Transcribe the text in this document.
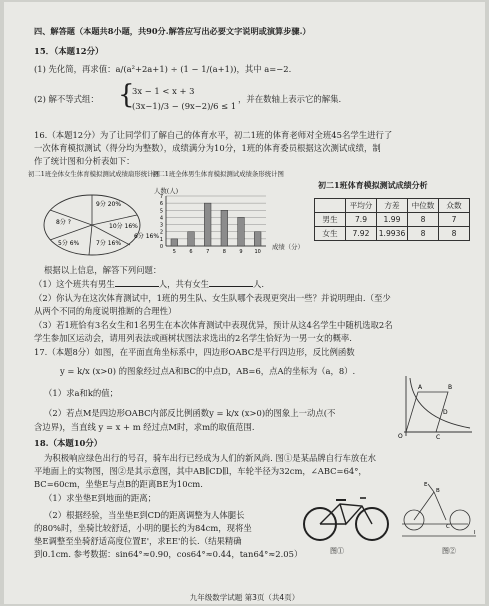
四、解答题（本题共8小题，共90分.解答应写出必要文字说明或演算步骤.）
15．（本题12分）
(1) 先化简，再求值：a/(a²+2a+1) ÷ (1 − 1/(a+1))，其中 a=−2.
(2) 解不等式组： {
3x − 1 < x + 3
(3x−1)/3 − (9x−2)/6 ≤ 1
，并在数轴上表示它的解集.
16.（本题12分）为了让同学们了解自己的体育水平，初二1班的体育老师对全班45名学生进行了
一次体育模拟测试（得分均为整数），成绩满分为10分，1班的体育委员根据这次测试成绩，制
作了统计图和分析表如下：
初二1班全体女生体育模拟测试成绩扇形统计图
9分 20%
10分 16%
8分 ?
7分 16%
5分 6%
6分 16%
初二1班全体男生体育模拟测试成绩条形统计图
人数(人)
成绩（分）
0
1
2
3
4
5
6
7
5	6	7	8	9 10
初二1班体育模拟测试成绩分析
	平均分	方差	中位数	众数
男生	7.9	1.99	8	7
女生	7.92	1.9936	8	8
根据以上信息，解答下列问题：
（1）这个班共有男生	人，共有女生	人.
（2）你认为在这次体育测试中，1班的男生队、女生队哪个表现更突出一些？并说明理由.（至少
从两个不同的角度说明推断的合理性）
（3）若1班恰有3名女生和1名男生在本次体育测试中表现优异，预计从这4名学生中随机选取2名
学生参加区运动会，请用列表法或画树状图法求选出的2名学生恰好为一男一女的概率.
17.（本题8分）如图，在平面直角坐标系中，四边形OABC是平行四边形，反比例函数
y = k/x (x>0) 的图象经过点A和BC的中点D，AB=6，点A的坐标为（a，8）.
（1）求a和k的值；
（2）若点M是四边形OABC内部反比例函数y = k/x (x>0)的图象上一动点(不
含边界)，当直线 y = x + m 经过点M时，求m的取值范围.
O	C
A	B
D
18.（本题10分）
为积极响应绿色出行的号召，骑车出行已经成为人们的新风尚. 图①是某品牌自行车放在水
平地面上的实物图，图②是其示意图，其中AB∥CD∥l，车轮半径为32cm，∠ABC=64°，
BC=60cm，坐垫E与点B的距离BE为10cm.
（1）求坐垫E到地面的距离；
（2）根据经验，当坐垫E到CD的距离调整为人体腿长
的80%时，坐骑比较舒适，小明的腿长约为84cm，现将坐
垫E调整至坐骑舒适高度位置E'，求EE'的长.（结果精确
到0.1cm. 参考数据：sin64°≈0.90，cos64°≈0.44，tan64°≈2.05）	图①
E
B
C
l
图②
九年级数学试题 第3页（共4页）
